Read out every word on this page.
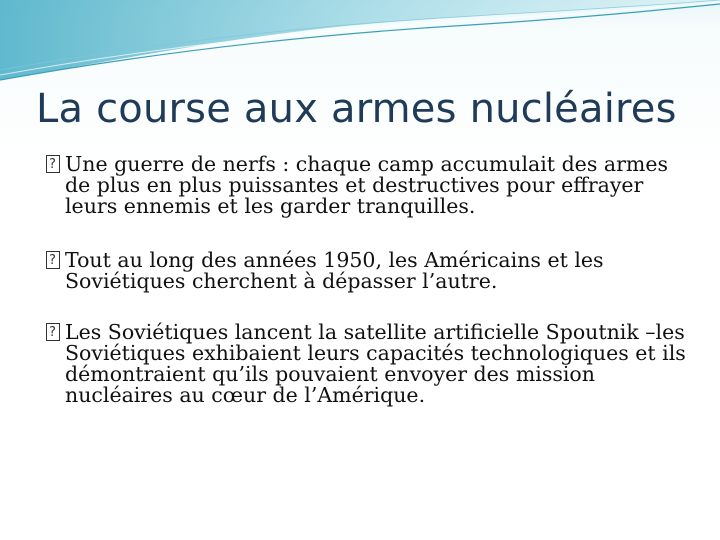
La course aux armes nucléaires
?
Une guerre de nerfs : chaque camp accumulait des armes de plus en plus puissantes et destructives pour effrayer leurs ennemis et les garder tranquilles.
?
Tout au long des années 1950, les Américains et les Soviétiques cherchent à dépasser l’autre.
?
Les Soviétiques lancent la satellite artificielle Spoutnik –les Soviétiques exhibaient leurs capacités technologiques et ils démontraient qu’ils pouvaient envoyer des mission nucléaires au cœur de l’Amérique.
